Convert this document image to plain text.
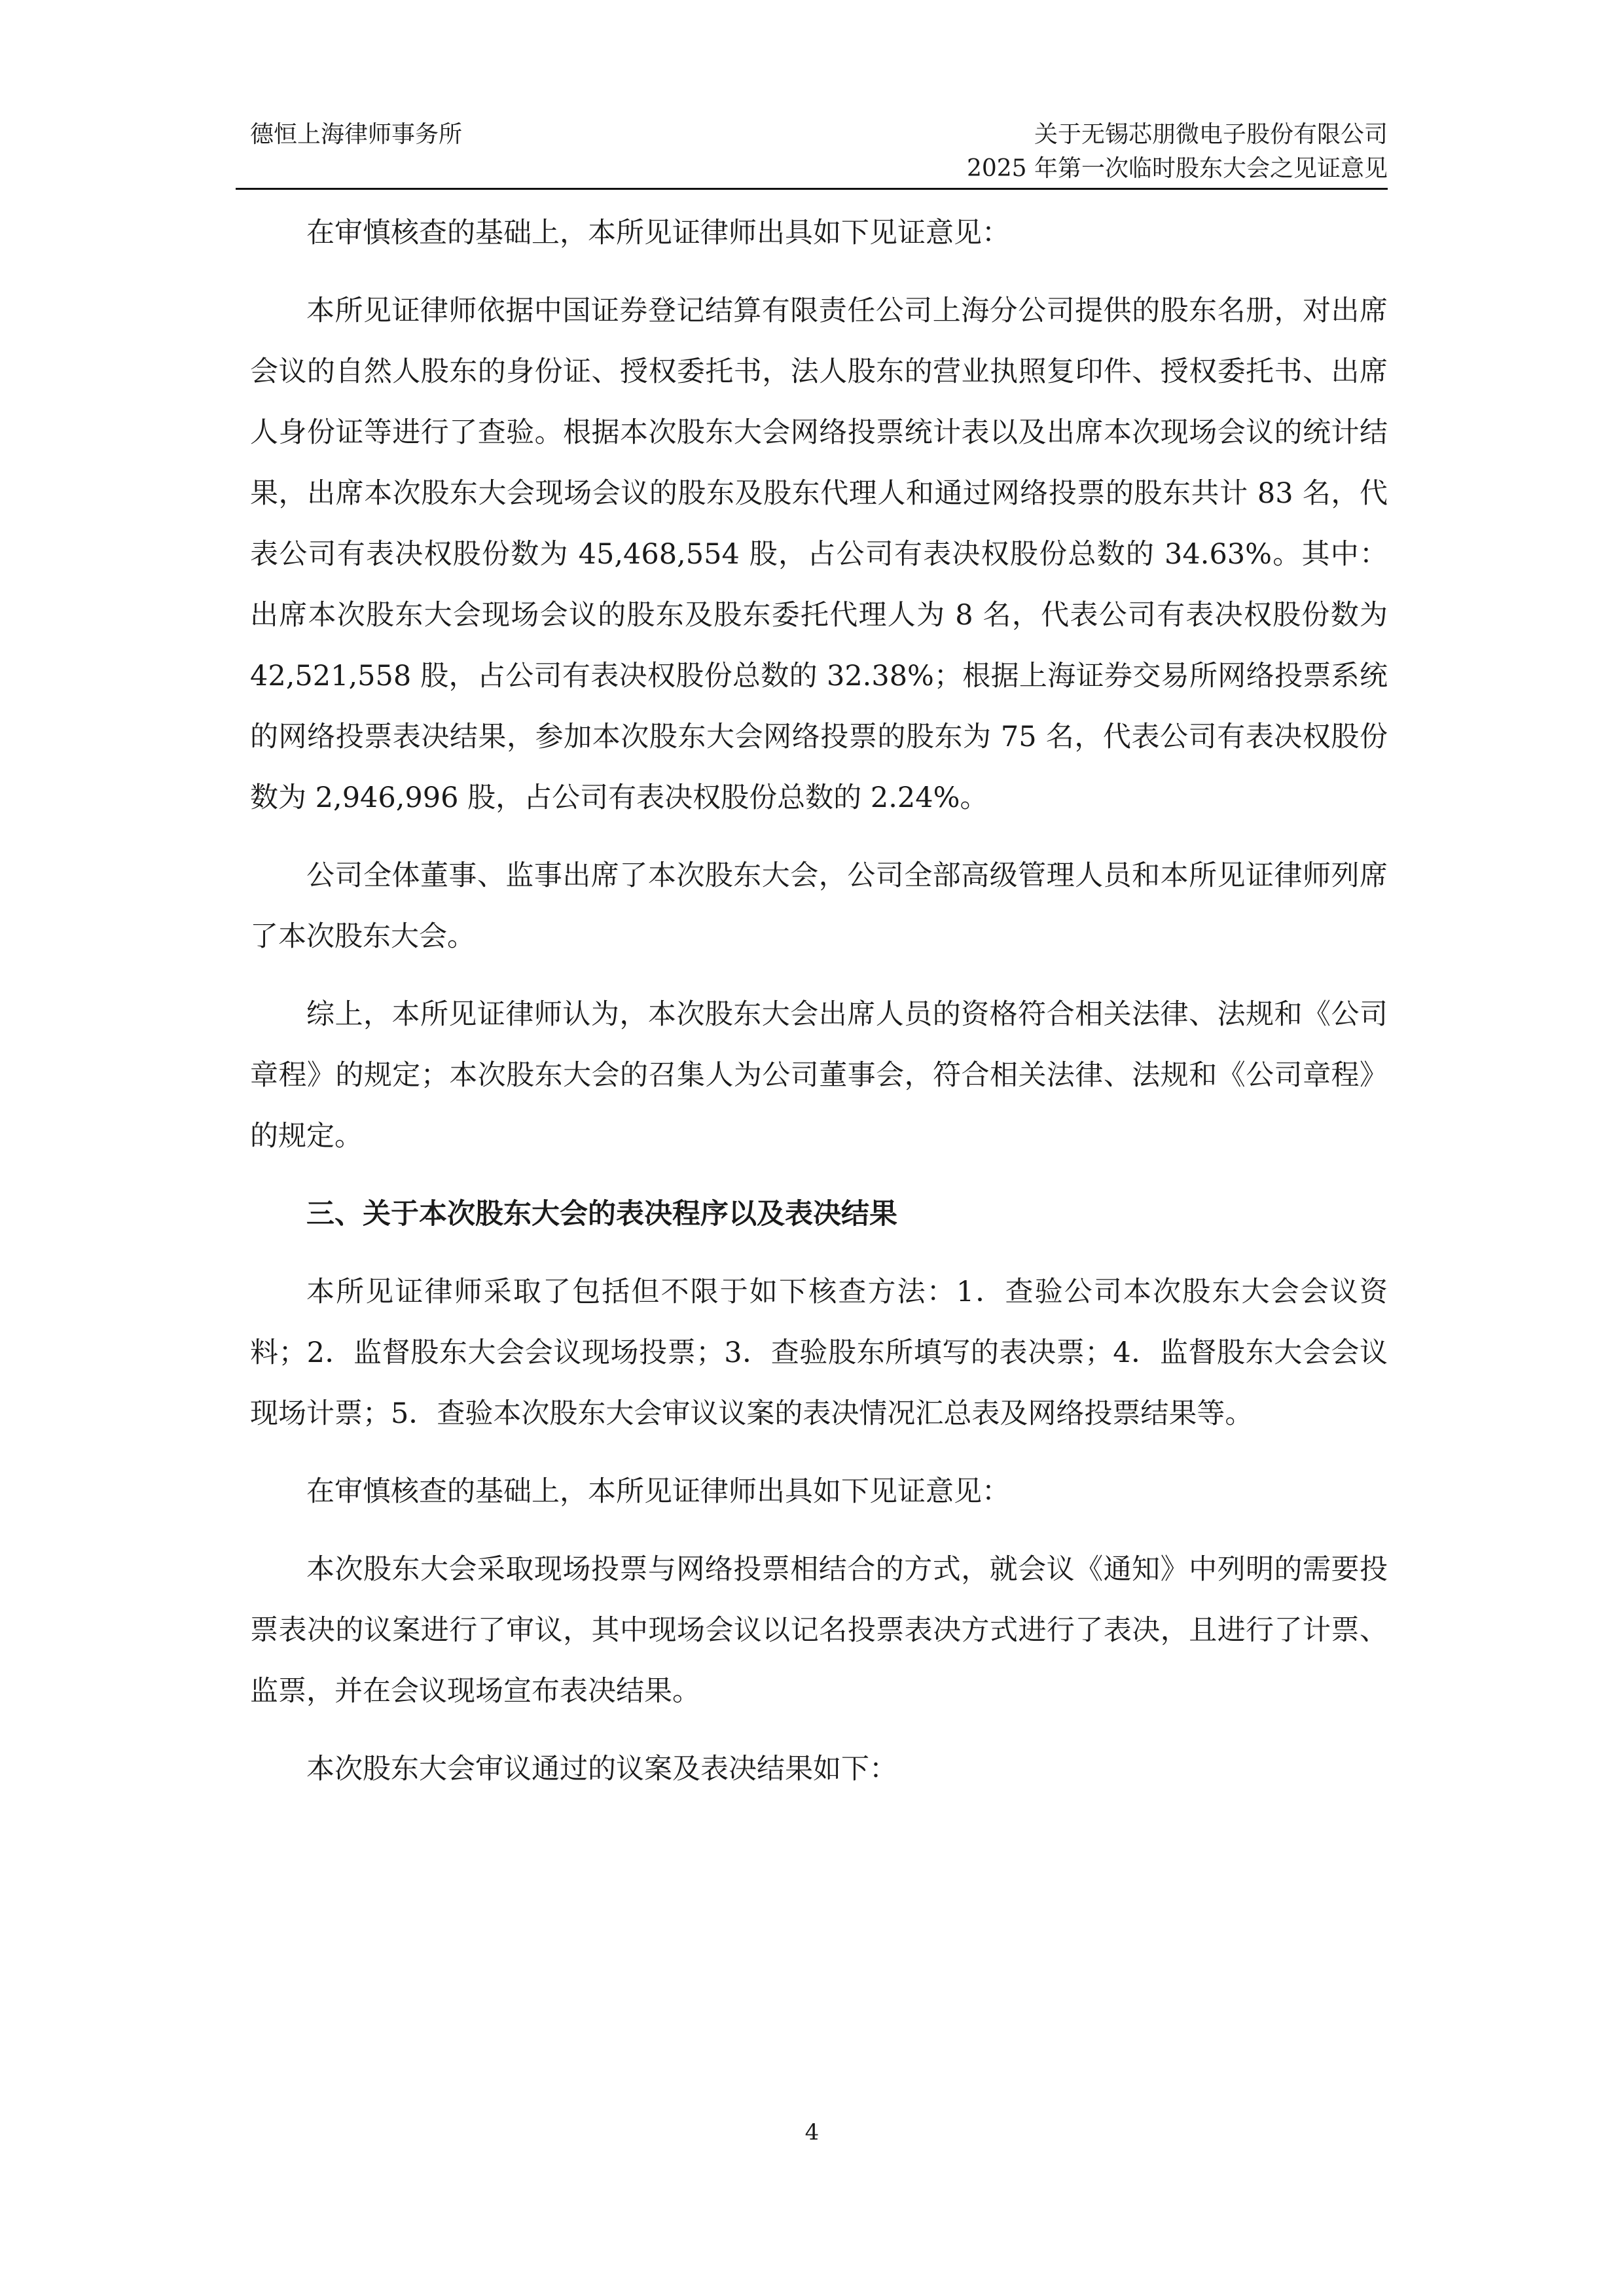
德恒上海律师事务所	关于无锡芯朋微电子股份有限公司
2025 年第一次临时股东大会之见证意见

在审慎核查的基础上，本所见证律师出具如下见证意见：

本所见证律师依据中国证券登记结算有限责任公司上海分公司提供的股东名册，对出席会议的自然人股东的身份证、授权委托书，法人股东的营业执照复印件、授权委托书、出席人身份证等进行了查验。根据本次股东大会网络投票统计表以及出席本次现场会议的统计结果，出席本次股东大会现场会议的股东及股东代理人和通过网络投票的股东共计 83 名，代表公司有表决权股份数为 45,468,554 股，占公司有表决权股份总数的 34.63%。其中：出席本次股东大会现场会议的股东及股东委托代理人为 8 名，代表公司有表决权股份数为 42,521,558 股，占公司有表决权股份总数的 32.38%；根据上海证券交易所网络投票系统的网络投票表决结果，参加本次股东大会网络投票的股东为 75 名，代表公司有表决权股份数为 2,946,996 股，占公司有表决权股份总数的 2.24%。

公司全体董事、监事出席了本次股东大会，公司全部高级管理人员和本所见证律师列席了本次股东大会。

综上，本所见证律师认为，本次股东大会出席人员的资格符合相关法律、法规和《公司章程》的规定；本次股东大会的召集人为公司董事会，符合相关法律、法规和《公司章程》的规定。

三、关于本次股东大会的表决程序以及表决结果

本所见证律师采取了包括但不限于如下核查方法：1．查验公司本次股东大会会议资料；2．监督股东大会会议现场投票；3．查验股东所填写的表决票；4．监督股东大会会议现场计票；5．查验本次股东大会审议议案的表决情况汇总表及网络投票结果等。

在审慎核查的基础上，本所见证律师出具如下见证意见：

本次股东大会采取现场投票与网络投票相结合的方式，就会议《通知》中列明的需要投票表决的议案进行了审议，其中现场会议以记名投票表决方式进行了表决，且进行了计票、监票，并在会议现场宣布表决结果。

本次股东大会审议通过的议案及表决结果如下：

4
